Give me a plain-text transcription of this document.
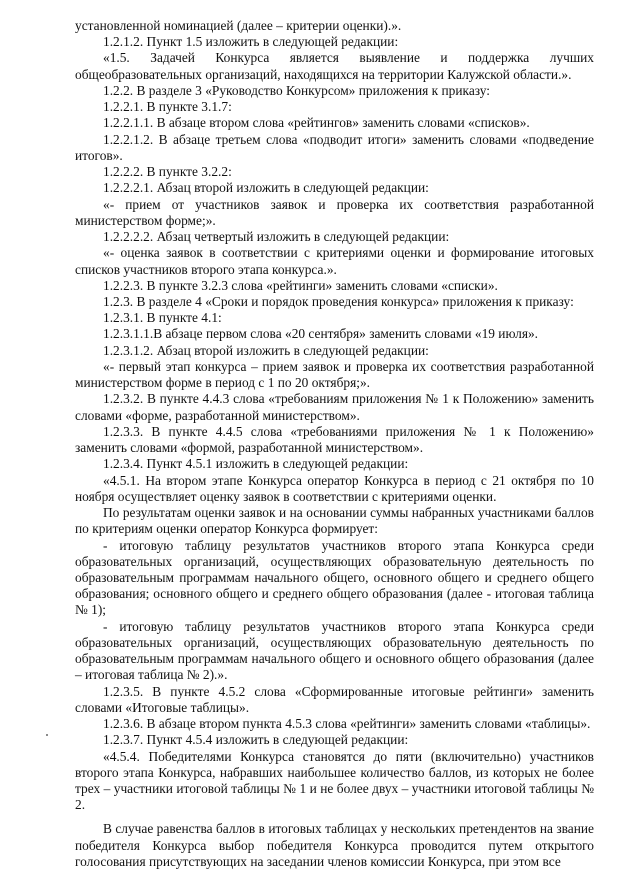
установленной номинацией (далее – критерии оценки).».

1.2.1.2. Пункт 1.5 изложить в следующей редакции:

«1.5. Задачей Конкурса является выявление и поддержка лучших общеобразовательных организаций, находящихся на территории Калужской области.».

1.2.2. В разделе 3 «Руководство Конкурсом» приложения к приказу:

1.2.2.1. В пункте 3.1.7:

1.2.2.1.1. В абзаце втором слова «рейтингов» заменить словами «списков».

1.2.2.1.2. В абзаце третьем слова «подводит итоги» заменить словами «подведение итогов».

1.2.2.2. В пункте 3.2.2:

1.2.2.2.1. Абзац второй изложить в следующей редакции:

«- прием от участников заявок и проверка их соответствия разработанной министерством форме;».

1.2.2.2.2. Абзац четвертый изложить в следующей редакции:

«- оценка заявок в соответствии с критериями оценки и формирование итоговых списков участников второго этапа конкурса.».

1.2.2.3. В пункте 3.2.3 слова «рейтинги» заменить словами «списки».

1.2.3. В разделе 4 «Сроки и порядок проведения конкурса» приложения к приказу:

1.2.3.1. В пункте 4.1:

1.2.3.1.1.В абзаце первом слова «20 сентября» заменить словами «19 июля».

1.2.3.1.2. Абзац второй изложить в следующей редакции:

«- первый этап конкурса – прием заявок и проверка их соответствия разработанной министерством форме в период с 1 по 20 октября;».

1.2.3.2. В пункте 4.4.3 слова «требованиям приложения № 1 к Положению» заменить словами «форме, разработанной министерством».

1.2.3.3. В пункте 4.4.5 слова «требованиями приложения № 1 к Положению» заменить словами «формой, разработанной министерством».

1.2.3.4. Пункт 4.5.1 изложить в следующей редакции:

«4.5.1. На втором этапе Конкурса оператор Конкурса в период с 21 октября по 10 ноября осуществляет оценку заявок в соответствии с критериями оценки.

По результатам оценки заявок и на основании суммы набранных участниками баллов по критериям оценки оператор Конкурса формирует:

- итоговую таблицу результатов участников второго этапа Конкурса среди образовательных организаций, осуществляющих образовательную деятельность по образовательным программам начального общего, основного общего и среднего общего образования; основного общего и среднего общего образования (далее - итоговая таблица № 1);

- итоговую таблицу результатов участников второго этапа Конкурса среди образовательных организаций, осуществляющих образовательную деятельность по образовательным программам начального общего и основного общего образования (далее – итоговая таблица № 2).».

1.2.3.5. В пункте 4.5.2 слова «Сформированные итоговые рейтинги» заменить словами «Итоговые таблицы».

1.2.3.6. В абзаце втором пункта 4.5.3 слова «рейтинги» заменить словами «таблицы».

1.2.3.7. Пункт 4.5.4 изложить в следующей редакции:

«4.5.4. Победителями Конкурса становятся до пяти (включительно) участников второго этапа Конкурса, набравших наибольшее количество баллов, из которых не более трех – участники итоговой таблицы № 1 и не более двух – участники итоговой таблицы № 2.

В случае равенства баллов в итоговых таблицах у нескольких претендентов на звание победителя Конкурса выбор победителя Конкурса проводится путем открытого голосования присутствующих на заседании членов комиссии Конкурса, при этом все
